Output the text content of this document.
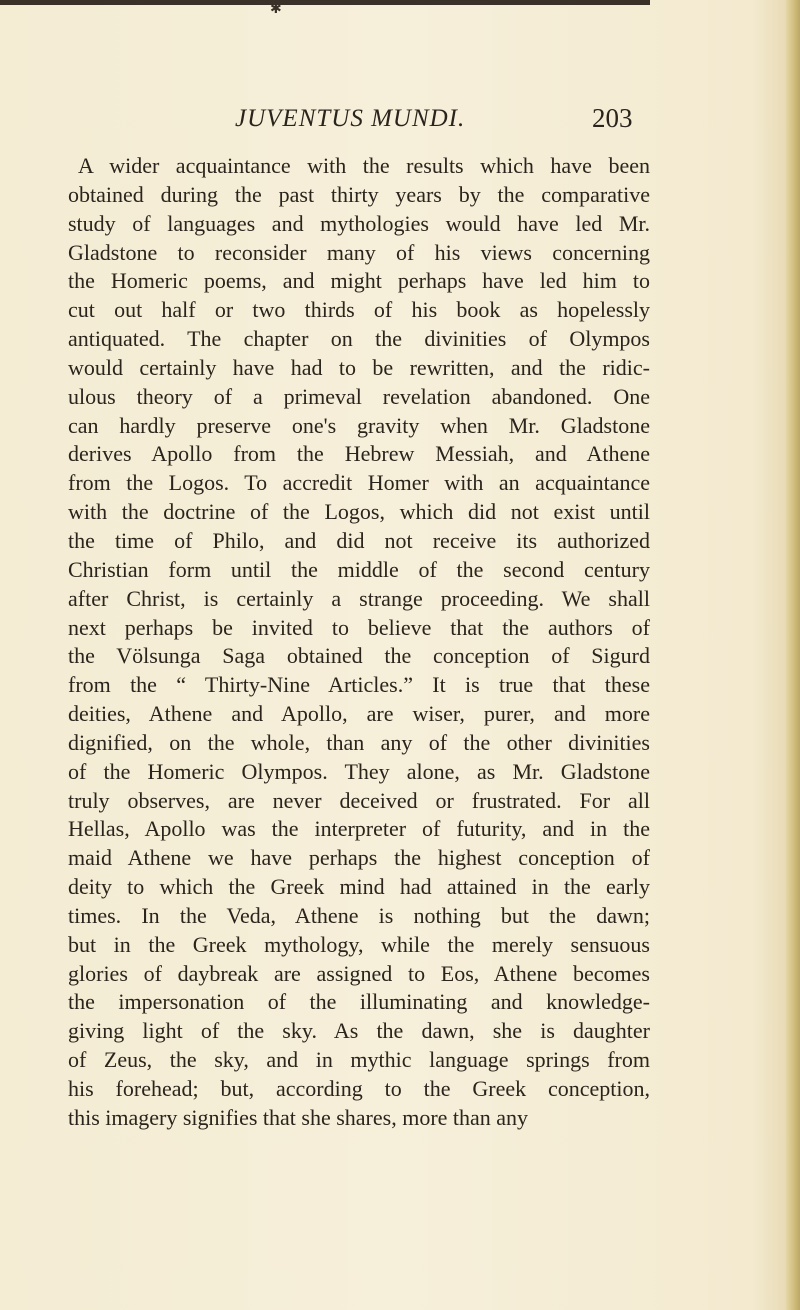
✱
JUVENTUS MUNDI.	203
A wider acquaintance with the results which have been
obtained during the past thirty years by the comparative
study of languages and mythologies would have led Mr.
Gladstone to reconsider many of his views concerning
the Homeric poems, and might perhaps have led him to
cut out half or two thirds of his book as hopelessly
antiquated. The chapter on the divinities of Olympos
would certainly have had to be rewritten, and the ridic-
ulous theory of a primeval revelation abandoned. One
can hardly preserve one's gravity when Mr. Gladstone
derives Apollo from the Hebrew Messiah, and Athene
from the Logos. To accredit Homer with an acquaintance
with the doctrine of the Logos, which did not exist until
the time of Philo, and did not receive its authorized
Christian form until the middle of the second century
after Christ, is certainly a strange proceeding. We shall
next perhaps be invited to believe that the authors of
the Völsunga Saga obtained the conception of Sigurd
from the “ Thirty-Nine Articles.” It is true that these
deities, Athene and Apollo, are wiser, purer, and more
dignified, on the whole, than any of the other divinities
of the Homeric Olympos. They alone, as Mr. Gladstone
truly observes, are never deceived or frustrated. For all
Hellas, Apollo was the interpreter of futurity, and in the
maid Athene we have perhaps the highest conception of
deity to which the Greek mind had attained in the early
times. In the Veda, Athene is nothing but the dawn;
but in the Greek mythology, while the merely sensuous
glories of daybreak are assigned to Eos, Athene becomes
the impersonation of the illuminating and knowledge-
giving light of the sky. As the dawn, she is daughter
of Zeus, the sky, and in mythic language springs from
his forehead; but, according to the Greek conception,
this imagery signifies that she shares, more than any
